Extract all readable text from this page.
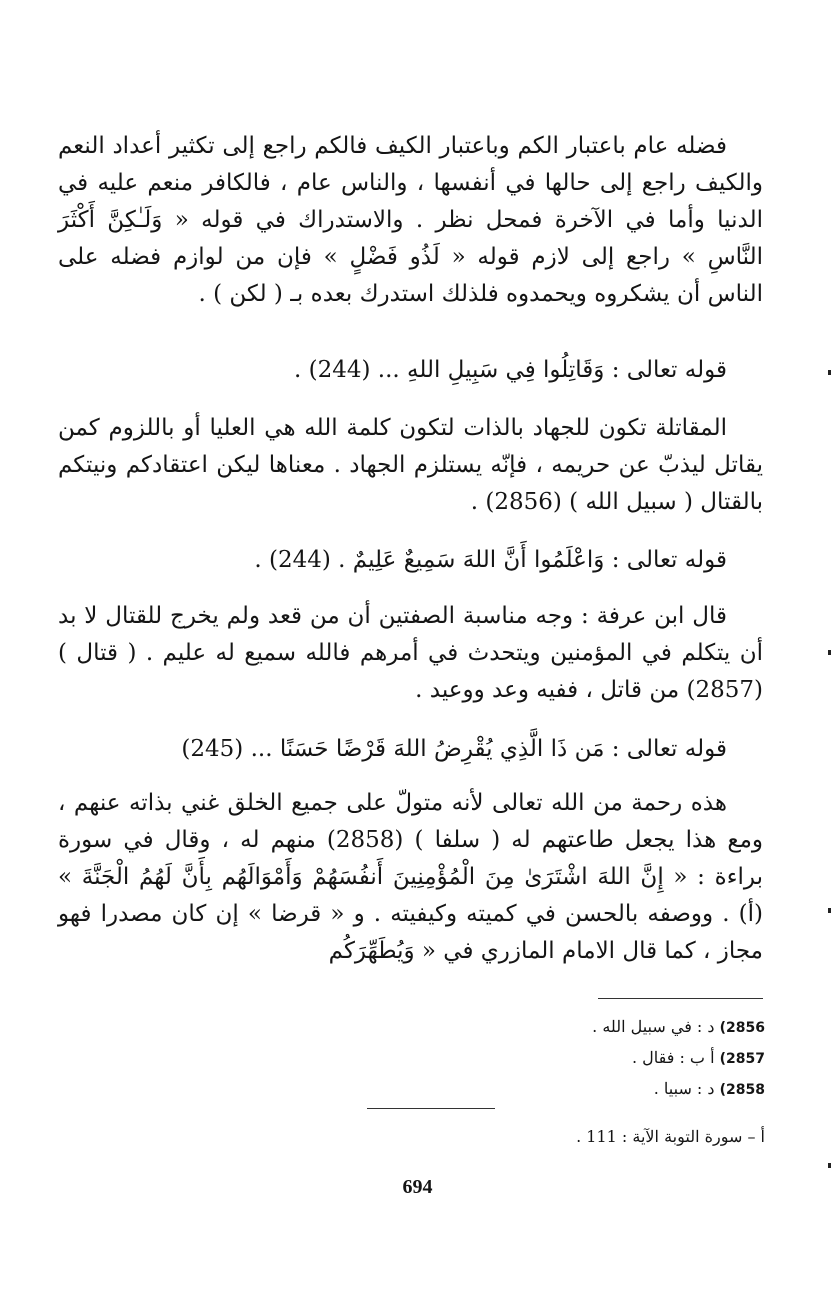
فضله عام باعتبار الكم وباعتبار الكيف فالكم راجع إلى تكثير أعداد النعم والكيف راجع إلى حالها في أنفسها ، والناس عام ، فالكافر منعم عليه في الدنيا وأما في الآخرة فمحل نظر . والاستدراك في قوله « وَلَـٰكِنَّ أَكْثَرَ النَّاسِ » راجع إلى لازم قوله « لَذُو فَضْلٍ » فإن من لوازم فضله على الناس أن يشكروه ويحمدوه فلذلك استدرك بعده بـ ( لكن ) .

قوله تعالى : وَقَاتِلُوا فِي سَبِيلِ اللهِ ... (244) .

المقاتلة تكون للجهاد بالذات لتكون كلمة الله هي العليا أو باللزوم كمن يقاتل ليذبّ عن حريمه ، فإنّه يستلزم الجهاد . معناها ليكن اعتقادكم ونيتكم بالقتال ( سبيل الله ) (2856) .

قوله تعالى : وَاعْلَمُوا أَنَّ اللهَ سَمِيعٌ عَلِيمٌ . (244) .

قال ابن عرفة : وجه مناسبة الصفتين أن من قعد ولم يخرج للقتال لا بد أن يتكلم في المؤمنين ويتحدث في أمرهم فالله سميع له عليم . ( قتال ) (2857) من قاتل ، ففيه وعد ووعيد .

قوله تعالى : مَن ذَا الَّذِي يُقْرِضُ اللهَ قَرْضًا حَسَنًا ... (245)

هذه رحمة من الله تعالى لأنه متولّ على جميع الخلق غني بذاته عنهم ، ومع هذا يجعل طاعتهم له ( سلفا ) (2858) منهم له ، وقال في سورة براءة : « إِنَّ اللهَ اشْتَرَىٰ مِنَ الْمُؤْمِنِينَ أَنفُسَهُمْ وَأَمْوَالَهُم بِأَنَّ لَهُمُ الْجَنَّةَ » (أ) . ووصفه بالحسن في كميته وكيفيته . و « قرضا » إن كان مصدرا فهو مجاز ، كما قال الامام المازري في « وَيُطَهِّرَكُم

2856) د : في سبيل الله .
2857) أ ب : فقال .
2858) د : سبيا .
أ – سورة التوبة الآية : 111 .
694
